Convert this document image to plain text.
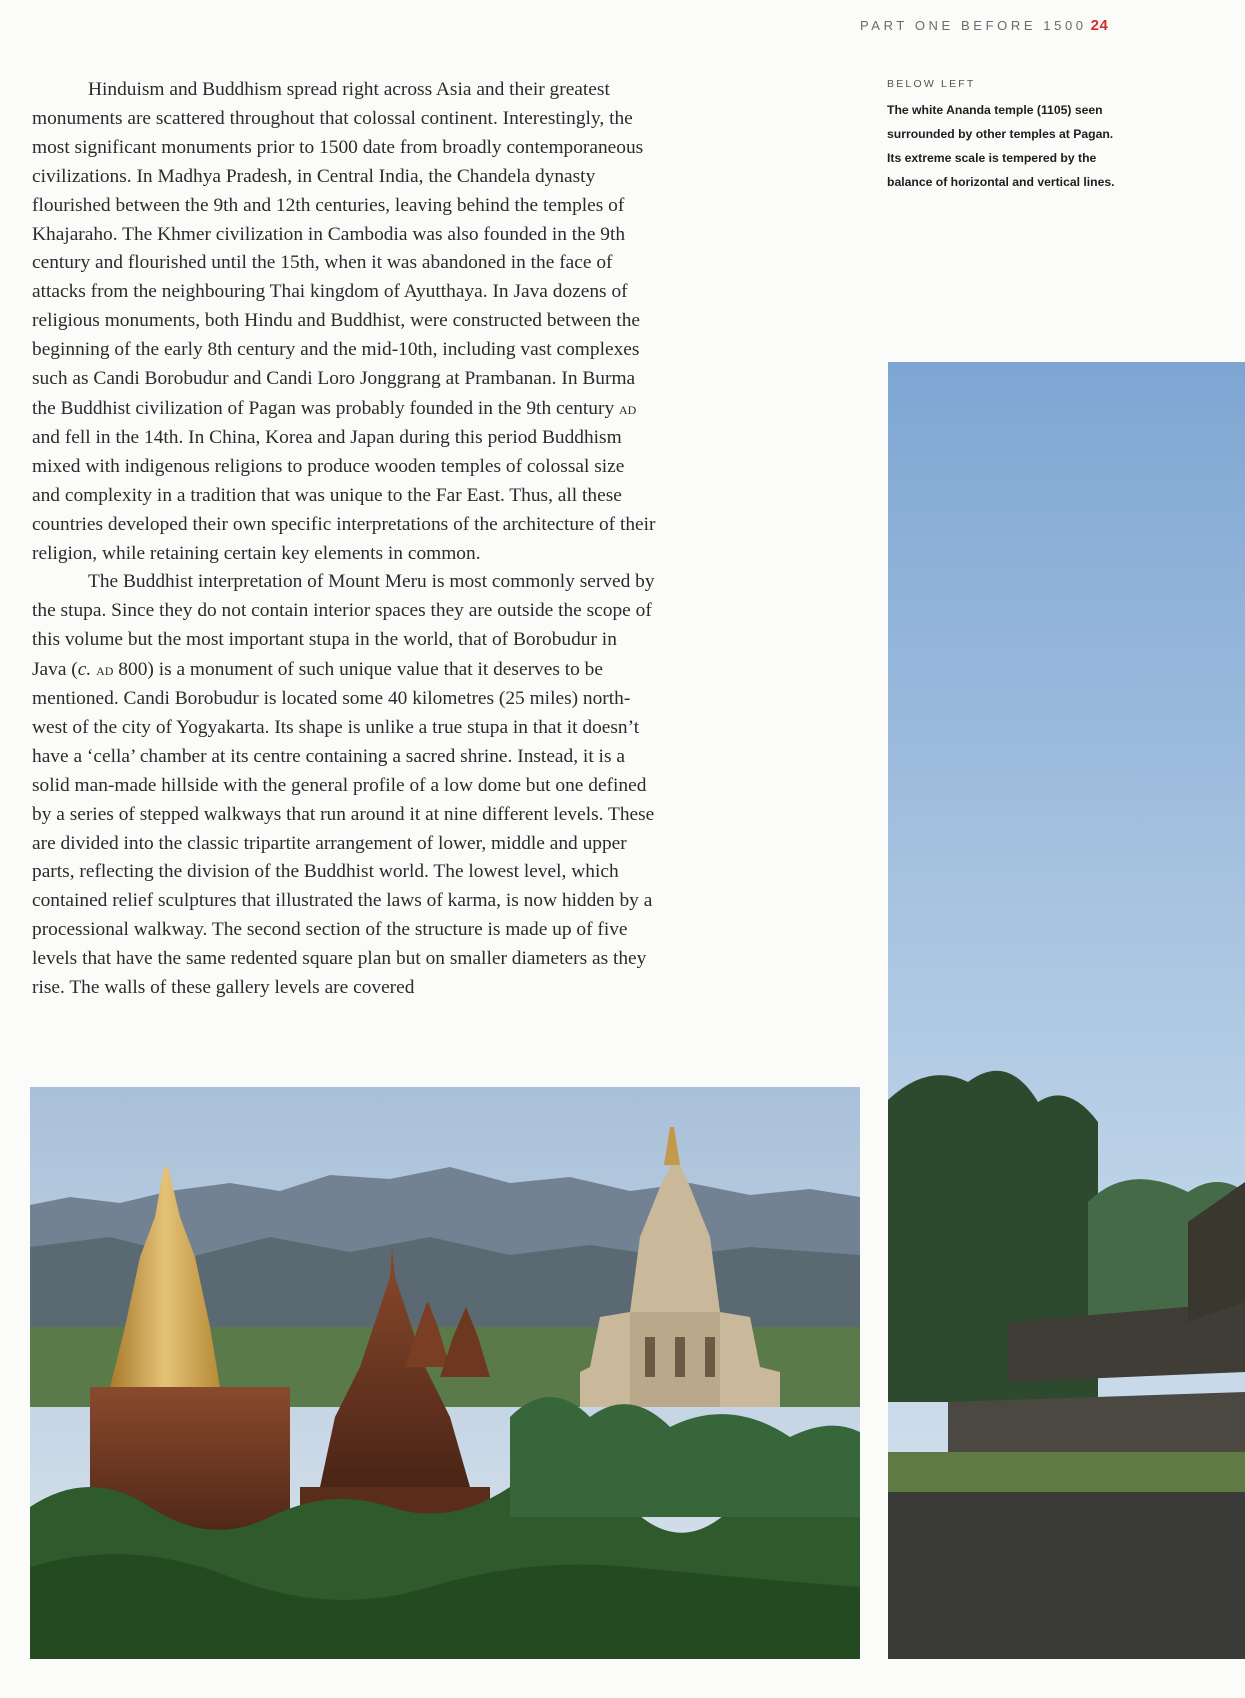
PART ONE BEFORE 1500 24

Hinduism and Buddhism spread right across Asia and their greatest monuments are scattered throughout that colossal continent. Interestingly, the most significant monuments prior to 1500 date from broadly contemporaneous civilizations. In Madhya Pradesh, in Central India, the Chandela dynasty flourished between the 9th and 12th centuries, leaving behind the temples of Khajaraho. The Khmer civilization in Cambodia was also founded in the 9th century and flourished until the 15th, when it was abandoned in the face of attacks from the neighbouring Thai kingdom of Ayutthaya. In Java dozens of religious monuments, both Hindu and Buddhist, were constructed between the beginning of the early 8th century and the mid-10th, including vast complexes such as Candi Borobudur and Candi Loro Jonggrang at Prambanan. In Burma the Buddhist civilization of Pagan was probably founded in the 9th century ad and fell in the 14th. In China, Korea and Japan during this period Buddhism mixed with indigenous religions to produce wooden temples of colossal size and complexity in a tradition that was unique to the Far East. Thus, all these countries developed their own specific interpretations of the architecture of their religion, while retaining certain key elements in common.

The Buddhist interpretation of Mount Meru is most commonly served by the stupa. Since they do not contain interior spaces they are outside the scope of this volume but the most important stupa in the world, that of Borobudur in Java (c. ad 800) is a monument of such unique value that it deserves to be mentioned. Candi Borobudur is located some 40 kilometres (25 miles) north-west of the city of Yogyakarta. Its shape is unlike a true stupa in that it doesn’t have a ‘cella’ chamber at its centre containing a sacred shrine. Instead, it is a solid man-made hillside with the general profile of a low dome but one defined by a series of stepped walkways that run around it at nine different levels. These are divided into the classic tripartite arrangement of lower, middle and upper parts, reflecting the division of the Buddhist world. The lowest level, which contained relief sculptures that illustrated the laws of karma, is now hidden by a processional walkway. The second section of the structure is made up of five levels that have the same redented square plan but on smaller diameters as they rise. The walls of these gallery levels are covered

BELOW LEFT
The white Ananda temple (1105) seen surrounded by other temples at Pagan. Its extreme scale is tempered by the balance of horizontal and vertical lines.
